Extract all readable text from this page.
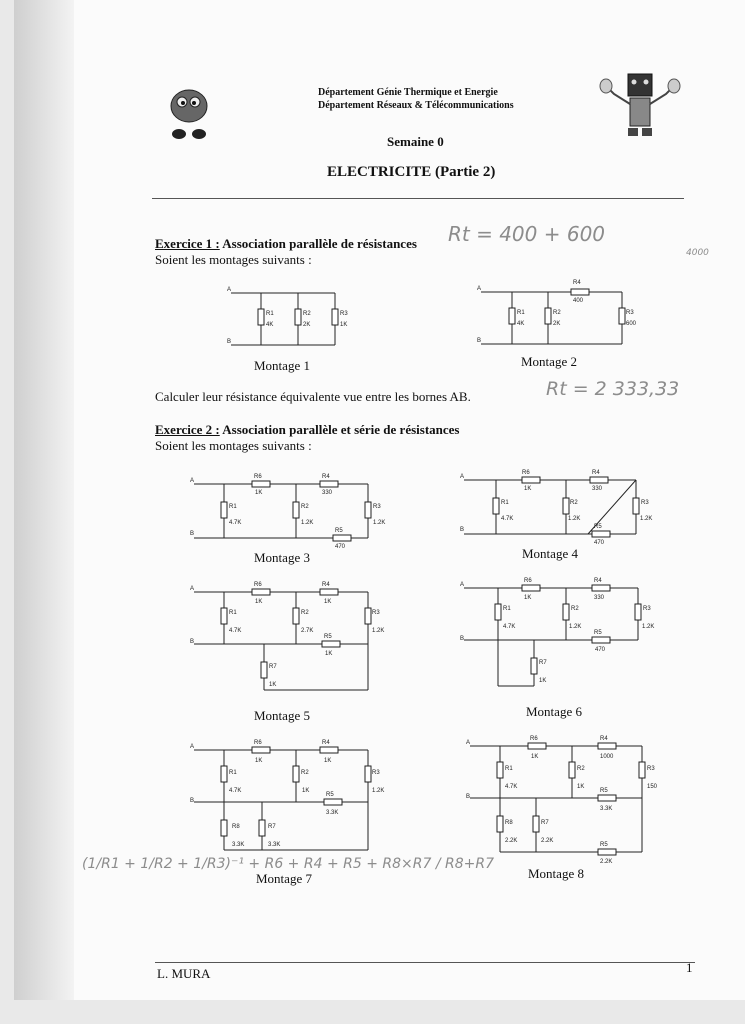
Département Génie Thermique et Energie
Département Réseaux & Télécommunications
Semaine 0
ELECTRICITE (Partie 2)
Exercice 1 : Association parallèle de résistances
Soient les montages suivants :
Rt = 400 + 600
4000
A
B
R1
4K
R2
2K
R3
1K
Montage 1
R4
A
B
400
R1
4K
R2
2K
R3
600
Montage 2
Calculer leur résistance équivalente vue entre les bornes AB.	Rt = 2 333,33
Exercice 2 : Association parallèle et série de résistances
Soient les montages suivants :
A
B
R6
1K
R4
330
R1
4.7K
R2
1.2K
R3
1.2K
R5
470
Montage 3
A
B
R6
1K
R4
330
R1
4.7K
R2
1.2K
R3
1.2K
R5
470
Montage 4
A
B
R6
1K
R4
1K
R1
4.7K
R2
2.7K
R3
1.2K
R5
1K
R7
1K
Montage 5
A
B
R6
1K
R4
330
R1
4.7K
R2
1.2K
R3
1.2K
R5
470
R7
1K
Montage 6
A
B
R6
1K
R4
1K
R1
4.7K
R2
1K
R3
1.2K
R5
3.3K
R8
3.3K
R7
3.3K
Montage 7
A
B
R6
1K
R4
1000
R1
4.7K
R2
1K
R3
150
R5
3.3K
R8
2.2K
R7
2.2K
R5
2.2K
Montage 8
(1/R1 + 1/R2 + 1/R3)⁻¹ + R6 + R4 + R5 + R8×R7 / R8+R7
L. MURA	1
